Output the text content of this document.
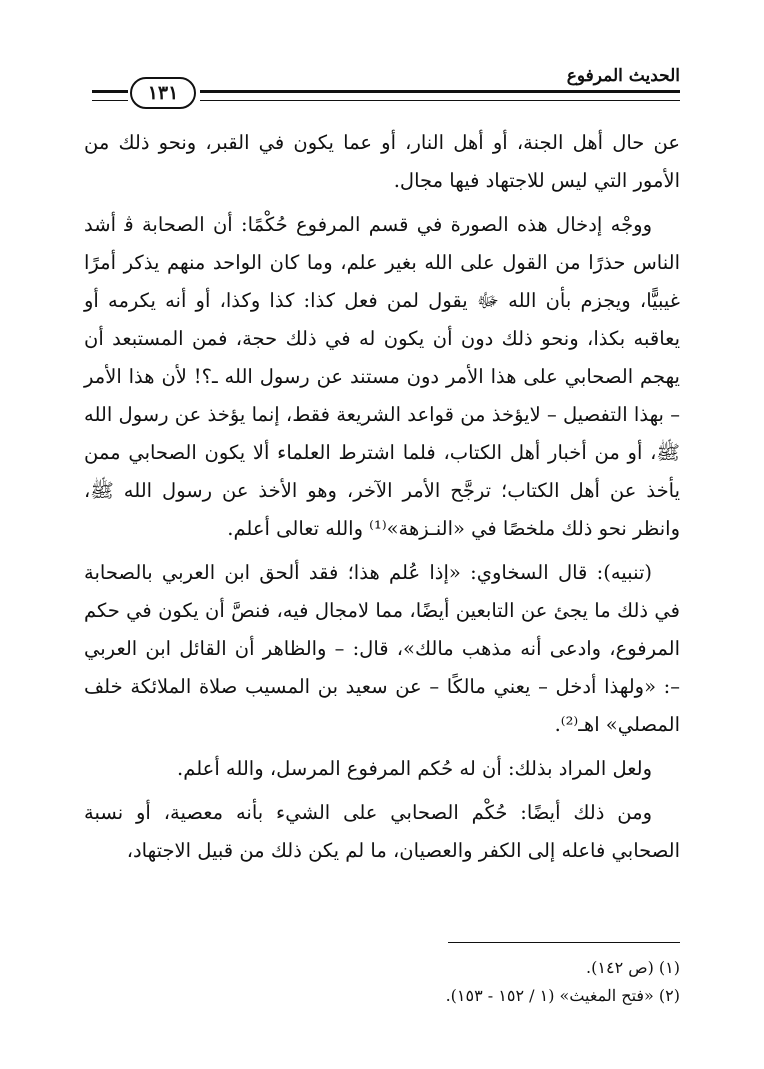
الحديث المرفوع
١٣١

عن حال أهل الجنة، أو أهل النار، أو عما يكون في القبر، ونحو ذلك من الأمور التي ليس للاجتهاد فيها مجال.

ووجْه إدخال هذه الصورة في قسم المرفوع حُكْمًا: أن الصحابة ﭬ أشد الناس حذرًا من القول على الله بغير علم، وما كان الواحد منهم يذكر أمرًا غيبيًّا، ويجزم بأن الله ﷻ يقول لمن فعل كذا: كذا وكذا، أو أنه يكرمه أو يعاقبه بكذا، ونحو ذلك دون أن يكون له في ذلك حجة، فمن المستبعد أن يهجم الصحابي على هذا الأمر دون مستند عن رسول الله ـ؟! لأن هذا الأمر – بهذا التفصيل – لايؤخذ من قواعد الشريعة فقط، إنما يؤخذ عن رسول الله ﷺ، أو من أخبار أهل الكتاب، فلما اشترط العلماء ألا يكون الصحابي ممن يأخذ عن أهل الكتاب؛ ترجَّح الأمر الآخر، وهو الأخذ عن رسول الله ﷺ، وانظر نحو ذلك ملخصًا في «النـزهة»⁽¹⁾ والله تعالى أعلم.

(تنبيه): قال السخاوي: «إذا عُلم هذا؛ فقد ألحق ابن العربي بالصحابة في ذلك ما يجئ عن التابعين أيضًا، مما لامجال فيه، فنصَّ أن يكون في حكم المرفوع، وادعى أنه مذهب مالك»، قال: – والظاهر أن القائل ابن العربي –: «ولهذا أدخل – يعني مالكًا – عن سعيد بن المسيب صلاة الملائكة خلف المصلي» اهـ⁽²⁾.

ولعل المراد بذلك: أن له حُكم المرفوع المرسل، والله أعلم.

ومن ذلك أيضًا: حُكْم الصحابي على الشيء بأنه معصية، أو نسبة الصحابي فاعله إلى الكفر والعصيان، ما لم يكن ذلك من قبيل الاجتهاد،

(١) (ص ١٤٢).

(٢) «فتح المغيث» (١ / ١٥٢ - ١٥٣).
